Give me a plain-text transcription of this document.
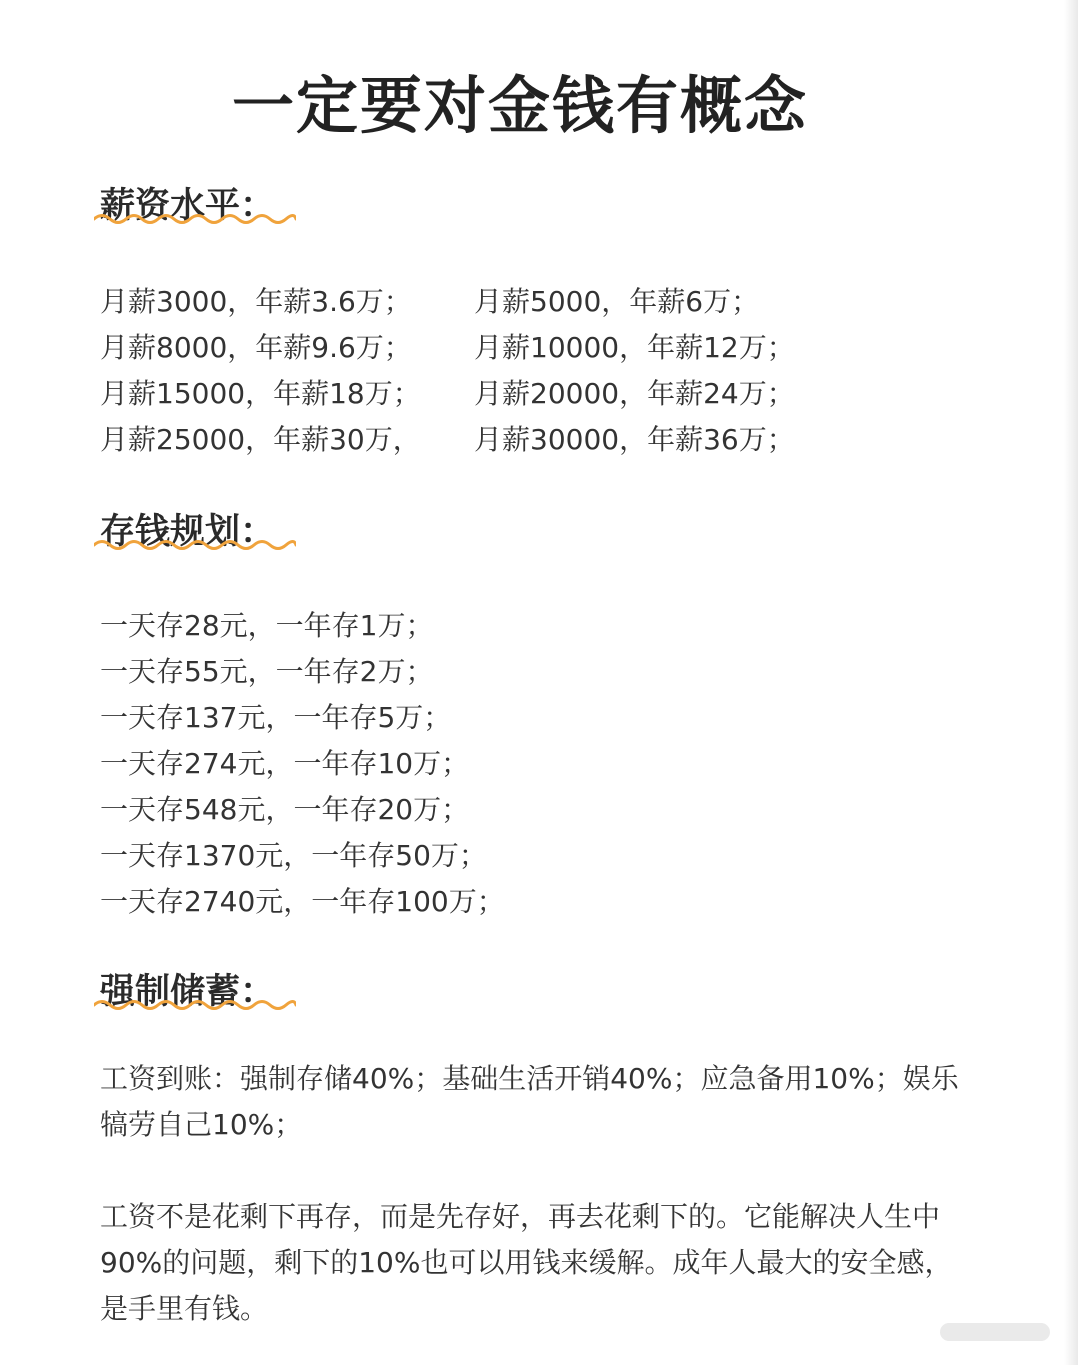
一定要对金钱有概念
薪资水平：
月薪3000，年薪3.6万； 月薪5000，年薪6万；
月薪8000，年薪9.6万； 月薪10000，年薪12万；
月薪15000，年薪18万； 月薪20000，年薪24万；
月薪25000，年薪30万， 月薪30000，年薪36万；
存钱规划：
一天存28元，一年存1万；
一天存55元，一年存2万；
一天存137元，一年存5万；
一天存274元，一年存10万；
一天存548元，一年存20万；
一天存1370元，一年存50万；
一天存2740元，一年存100万；
强制储蓄：
工资到账：强制存储40%；基础生活开销40%；应急备用10%；娱乐犒劳自己10%；
工资不是花剩下再存，而是先存好，再去花剩下的。它能解决人生中90%的问题，剩下的10%也可以用钱来缓解。成年人最大的安全感，是手里有钱。
